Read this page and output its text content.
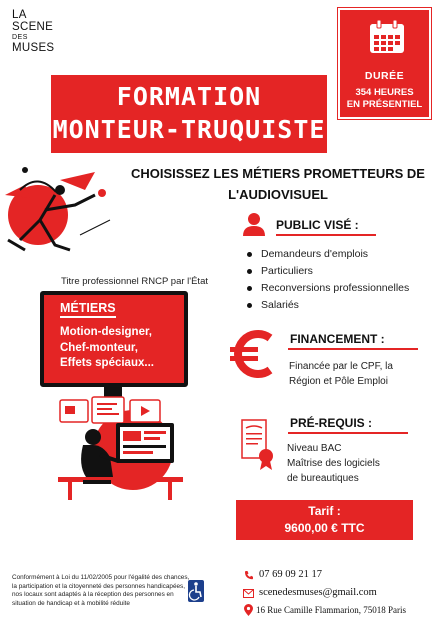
LA
SCENE
DES
MUSES
DURÉE
354 HEURES
EN PRÉSENTIEL
FORMATION
MONTEUR-TRUQUISTE
CHOISISSEZ LES MÉTIERS PROMETTEURS DE
L'AUDIOVISUEL
Titre professionnel RNCP par l'État
MÉTIERS
Motion-designer,
Chef-monteur,
Effets spéciaux...
PUBLIC VISÉ :
Demandeurs d'emplois
Particuliers
Reconversions professionnelles
Salariés
FINANCEMENT :
Financée par le CPF, la
Région et Pôle Emploi
PRÉ-REQUIS :
Niveau BAC
Maîtrise des logiciels
de bureautiques
Tarif :
9600,00 € TTC
Conformément à Loi du 11/02/2005 pour l'égalité des chances,
la participation et la citoyenneté des personnes handicapées,
nos locaux sont adaptés à la réception des personnes en
situation de handicap et à mobilité réduite
07 69 09 21 17
scenedesmuses@gmail.com
16 Rue Camille Flammarion, 75018 Paris
